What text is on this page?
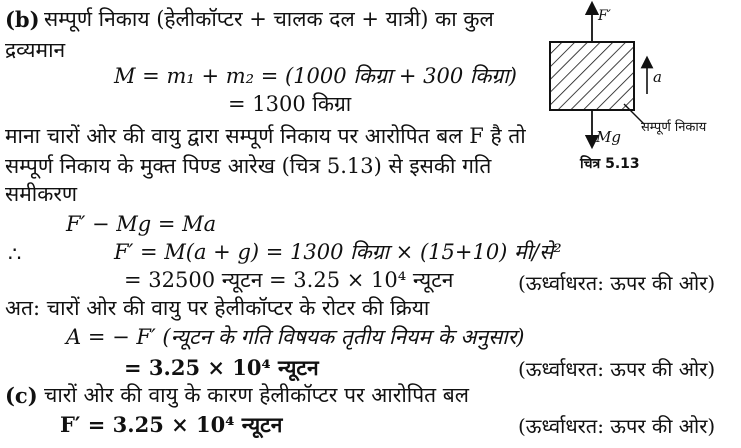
(b) सम्पूर्ण निकाय (हेलीकॉप्टर + चालक दल + यात्री) का कुल
द्रव्यमान
M = m₁ + m₂ = (1000 किग्रा + 300 किग्रा)
= 1300 किग्रा
माना चारों ओर की वायु द्वारा सम्पूर्ण निकाय पर आरोपित बल F है तो
सम्पूर्ण निकाय के मुक्त पिण्ड आरेख (चित्र 5.13) से इसकी गति
समीकरण
F′ − Mg = Ma
∴	F′ = M(a + g) = 1300 किग्रा × (15+10) मी/से²
= 32500 न्यूटन = 3.25 × 10⁴ न्यूटन	(ऊर्ध्वाधरत: ऊपर की ओर)
अत: चारों ओर की वायु पर हेलीकॉप्टर के रोटर की क्रिया
A = − F′ (न्यूटन के गति विषयक तृतीय नियम के अनुसार)
= 3.25 × 10⁴ न्यूटन	(ऊर्ध्वाधरत: ऊपर की ओर)
(c) चारों ओर की वायु के कारण हेलीकॉप्टर पर आरोपित बल
F′ = 3.25 × 10⁴ न्यूटन	(ऊर्ध्वाधरत: ऊपर की ओर)
F′
a
Mg
सम्पूर्ण निकाय
चित्र 5.13
